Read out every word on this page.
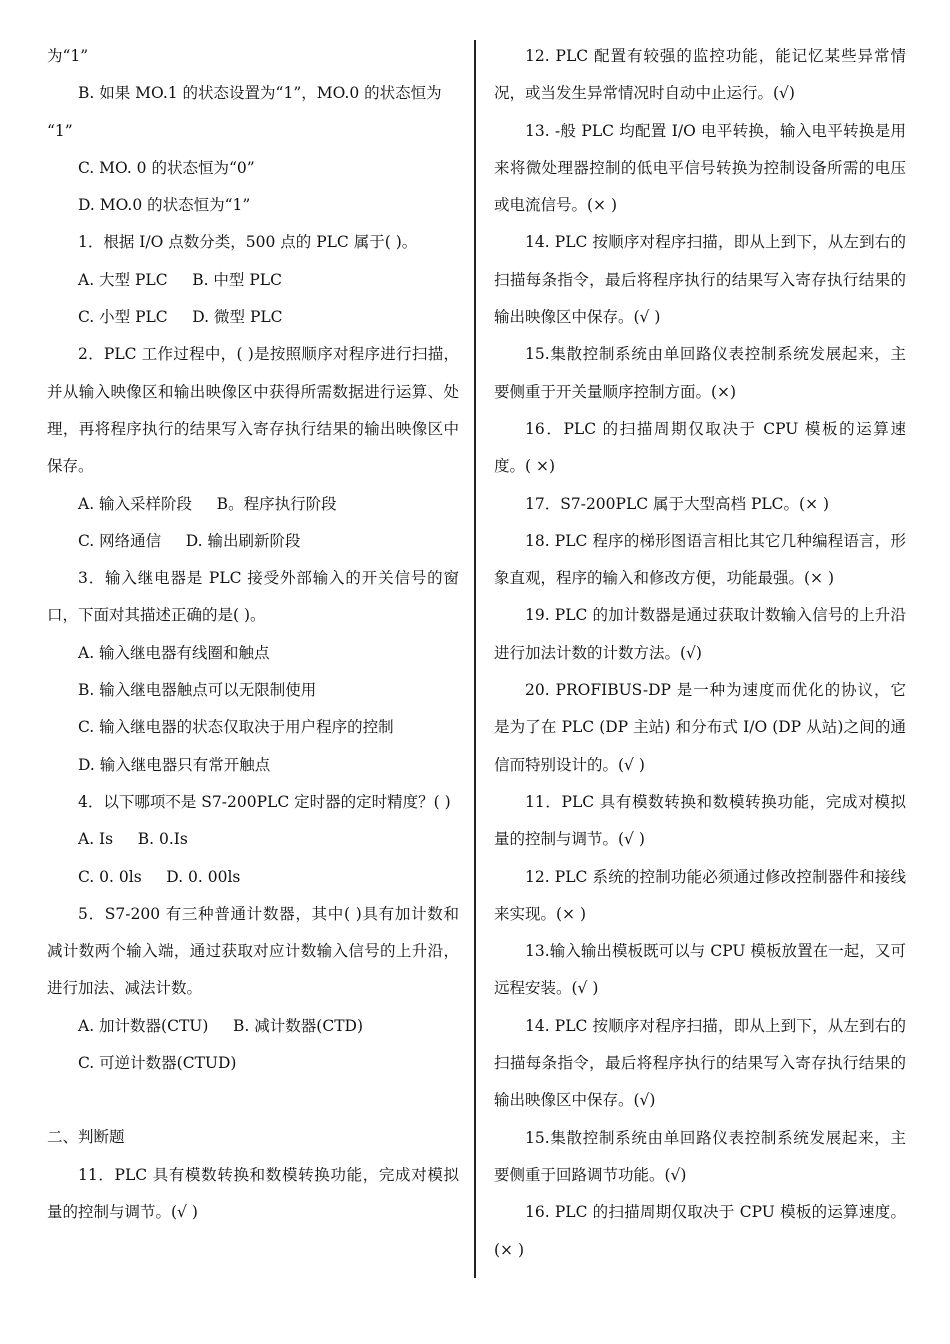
为“1”

B. 如果 MO.1 的状态设置为“1”，MO.0 的状态恒为

“1”

C. MO. 0 的状态恒为“0”

D. MO.0 的状态恒为“1”

1．根据 I/O 点数分类，500 点的 PLC 属于( )。

A. 大型 PLC     B. 中型 PLC

C. 小型 PLC     D. 微型 PLC

2．PLC 工作过程中，( )是按照顺序对程序进行扫描，并从输入映像区和输出映像区中获得所需数据进行运算、处理，再将程序执行的结果写入寄存执行结果的输出映像区中保存。

A. 输入采样阶段     B。程序执行阶段

C. 网络通信     D. 输出刷新阶段

3．输入继电器是 PLC 接受外部输入的开关信号的窗口，下面对其描述正确的是( )。

A. 输入继电器有线圈和触点

B. 输入继电器触点可以无限制使用

C. 输入继电器的状态仅取决于用户程序的控制

D. 输入继电器只有常开触点

4．以下哪项不是 S7-200PLC 定时器的定时精度？( )

A. Is     B. 0.Is

C. 0. 0ls     D. 0. 00ls

5．S7-200 有三种普通计数器，其中( )具有加计数和减计数两个输入端，通过获取对应计数输入信号的上升沿，进行加法、减法计数。

A. 加计数器(CTU)     B. 减计数器(CTD)

C. 可逆计数器(CTUD)

二、判断题

11．PLC 具有模数转换和数模转换功能，完成对模拟量的控制与调节。(√ )

12. PLC 配置有较强的监控功能，能记忆某些异常情况，或当发生异常情况时自动中止运行。(√)

13. -般 PLC 均配置 I/O 电平转换，输入电平转换是用来将微处理器控制的低电平信号转换为控制设备所需的电压或电流信号。(× )

14. PLC 按顺序对程序扫描，即从上到下，从左到右的扫描每条指令，最后将程序执行的结果写入寄存执行结果的输出映像区中保存。(√ )

15.集散控制系统由单回路仪表控制系统发展起来，主要侧重于开关量顺序控制方面。(×)

16．PLC 的扫描周期仅取决于 CPU 模板的运算速度。( ×)

17．S7-200PLC 属于大型高档 PLC。(× )

18. PLC 程序的梯形图语言相比其它几种编程语言，形象直观，程序的输入和修改方便，功能最强。(× )

19. PLC 的加计数器是通过获取计数输入信号的上升沿进行加法计数的计数方法。(√)

20. PROFIBUS-DP 是一种为速度而优化的协议，它是为了在 PLC (DP 主站) 和分布式 I/O (DP 从站)之间的通信而特别设计的。(√ )

11．PLC 具有模数转换和数模转换功能，完成对模拟量的控制与调节。(√ )

12. PLC 系统的控制功能必须通过修改控制器件和接线来实现。(× )

13.输入输出模板既可以与 CPU 模板放置在一起，又可远程安装。(√ )

14. PLC 按顺序对程序扫描，即从上到下，从左到右的扫描每条指令，最后将程序执行的结果写入寄存执行结果的输出映像区中保存。(√)

15.集散控制系统由单回路仪表控制系统发展起来，主要侧重于回路调节功能。(√)

16. PLC 的扫描周期仅取决于 CPU 模板的运算速度。(× )
